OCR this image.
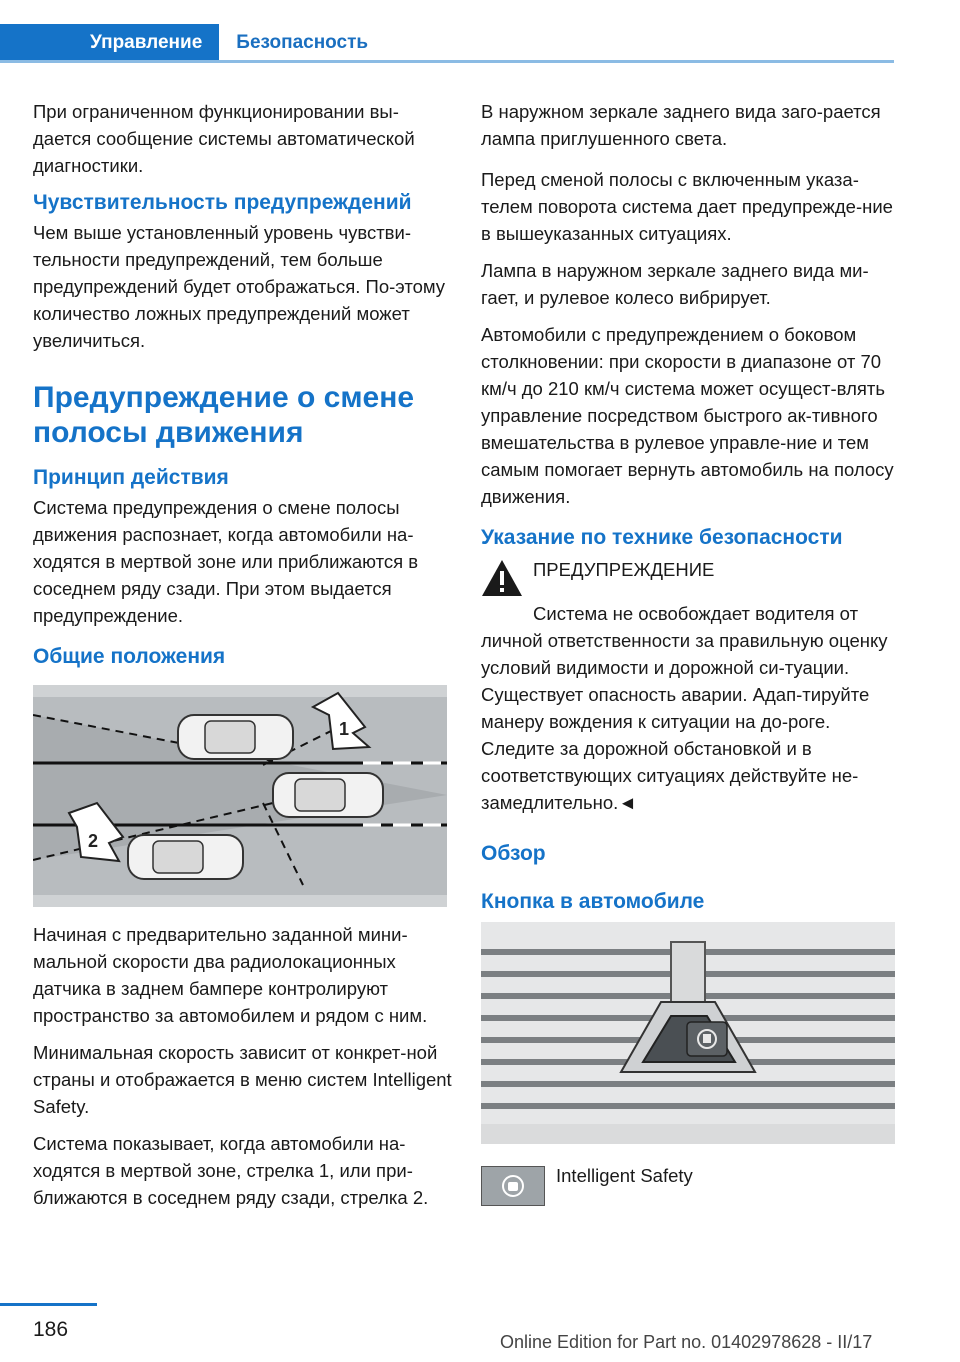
Управление	Безопасность

При ограниченном функционировании вы-дается сообщение системы автоматической диагностики.

Чувствительность предупреждений

Чем выше установленный уровень чувстви-тельности предупреждений, тем больше предупреждений будет отображаться. По-этому количество ложных предупреждений может увеличиться.

Предупреждение о смене полосы движения
Принцип действия

Система предупреждения о смене полосы движения распознает, когда автомобили на-ходятся в мертвой зоне или приближаются в соседнем ряду сзади. При этом выдается предупреждение.

Общие положения
1
2

Начиная с предварительно заданной мини-мальной скорости два радиолокационных датчика в заднем бампере контролируют пространство за автомобилем и рядом с ним.

Минимальная скорость зависит от конкрет-ной страны и отображается в меню систем Intelligent Safety.

Система показывает, когда автомобили на-ходятся в мертвой зоне, стрелка 1, или при-ближаются в соседнем ряду сзади, стрелка 2.

В наружном зеркале заднего вида заго-рается лампа приглушенного света.

Перед сменой полосы с включенным указа-телем поворота система дает предупрежде-ние в вышеуказанных ситуациях.

Лампа в наружном зеркале заднего вида ми-гает, и рулевое колесо вибрирует.

Автомобили с предупреждением о боковом столкновении: при скорости в диапазоне от 70 км/ч до 210 км/ч система может осущест-влять управление посредством быстрого ак-тивного вмешательства в рулевое управле-ние и тем самым помогает вернуть автомобиль на полосу движения.

Указание по технике безопасности
ПРЕДУПРЕЖДЕНИЕ

Система не освобождает водителя от личной ответственности за правильную оценку условий видимости и дорожной си-туации. Существует опасность аварии. Адап-тируйте манеру вождения к ситуации на до-роге. Следите за дорожной обстановкой и в соответствующих ситуациях действуйте не-замедлительно.◄

Обзор
Кнопка в автомобиле
Intelligent Safety
186
Online Edition for Part no. 01402978628 - II/17
